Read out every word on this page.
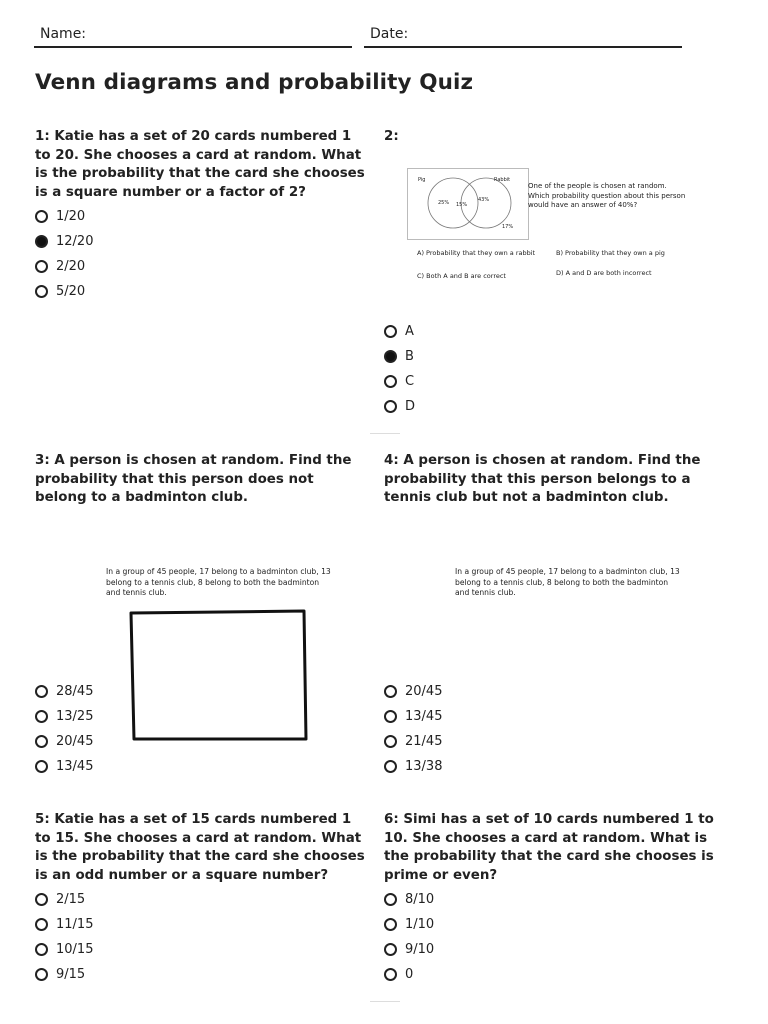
Name:	Date:
Venn diagrams and probability Quiz
1: Katie has a set of 20 cards numbered 1 to 20. She chooses a card at random. What is the probability that the card she chooses is a square number or a factor of 2?
1/20
12/20
2/20
5/20
2:
Pig	Rabbit
25% 15%
43%
17%
One of the people is chosen at random. Which probability question about this person would have an answer of 40%?
A) Probability that they own a rabbit	B) Probability that they own a pig
C) Both A and B are correct	D) A and D are both incorrect
A
B
C
D
3: A person is chosen at random. Find the probability that this person does not belong to a badminton club.
In a group of 45 people, 17 belong to a badminton club, 13 belong to a tennis club, 8 belong to both the badminton and tennis club.
28/45
13/25
20/45
13/45
4: A person is chosen at random. Find the probability that this person belongs to a tennis club but not a badminton club.
In a group of 45 people, 17 belong to a badminton club, 13 belong to a tennis club, 8 belong to both the badminton and tennis club.
20/45
13/45
21/45
13/38
5: Katie has a set of 15 cards numbered 1 to 15. She chooses a card at random. What is the probability that the card she chooses is an odd number or a square number?
2/15
11/15
10/15
9/15
6: Simi has a set of 10 cards numbered 1 to 10. She chooses a card at random. What is the probability that the card she chooses is prime or even?
8/10
1/10
9/10
0
